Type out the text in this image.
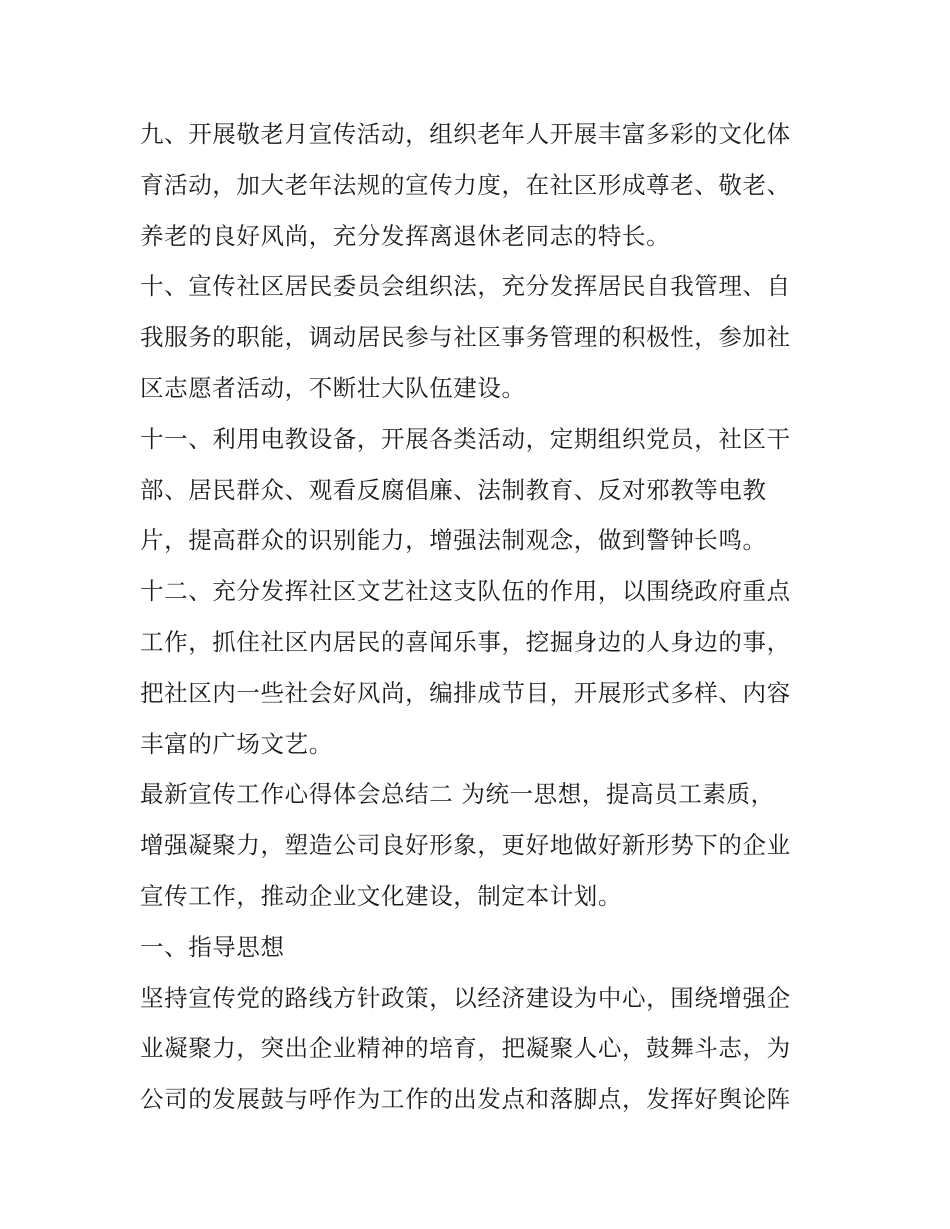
九、开展敬老月宣传活动，组织老年人开展丰富多彩的文化体
育活动，加大老年法规的宣传力度，在社区形成尊老、敬老、
养老的良好风尚，充分发挥离退休老同志的特长。
十、宣传社区居民委员会组织法，充分发挥居民自我管理、自
我服务的职能，调动居民参与社区事务管理的积极性，参加社
区志愿者活动，不断壮大队伍建设。
十一、利用电教设备，开展各类活动，定期组织党员，社区干
部、居民群众、观看反腐倡廉、法制教育、反对邪教等电教
片，提高群众的识别能力，增强法制观念，做到警钟长鸣。
十二、充分发挥社区文艺社这支队伍的作用，以围绕政府重点
工作，抓住社区内居民的喜闻乐事，挖掘身边的人身边的事，
把社区内一些社会好风尚，编排成节目，开展形式多样、内容
丰富的广场文艺。
最新宣传工作心得体会总结二 为统一思想，提高员工素质，
增强凝聚力，塑造公司良好形象，更好地做好新形势下的企业
宣传工作，推动企业文化建设，制定本计划。
一、指导思想
坚持宣传党的路线方针政策，以经济建设为中心，围绕增强企
业凝聚力，突出企业精神的培育，把凝聚人心，鼓舞斗志，为
公司的发展鼓与呼作为工作的出发点和落脚点，发挥好舆论阵
